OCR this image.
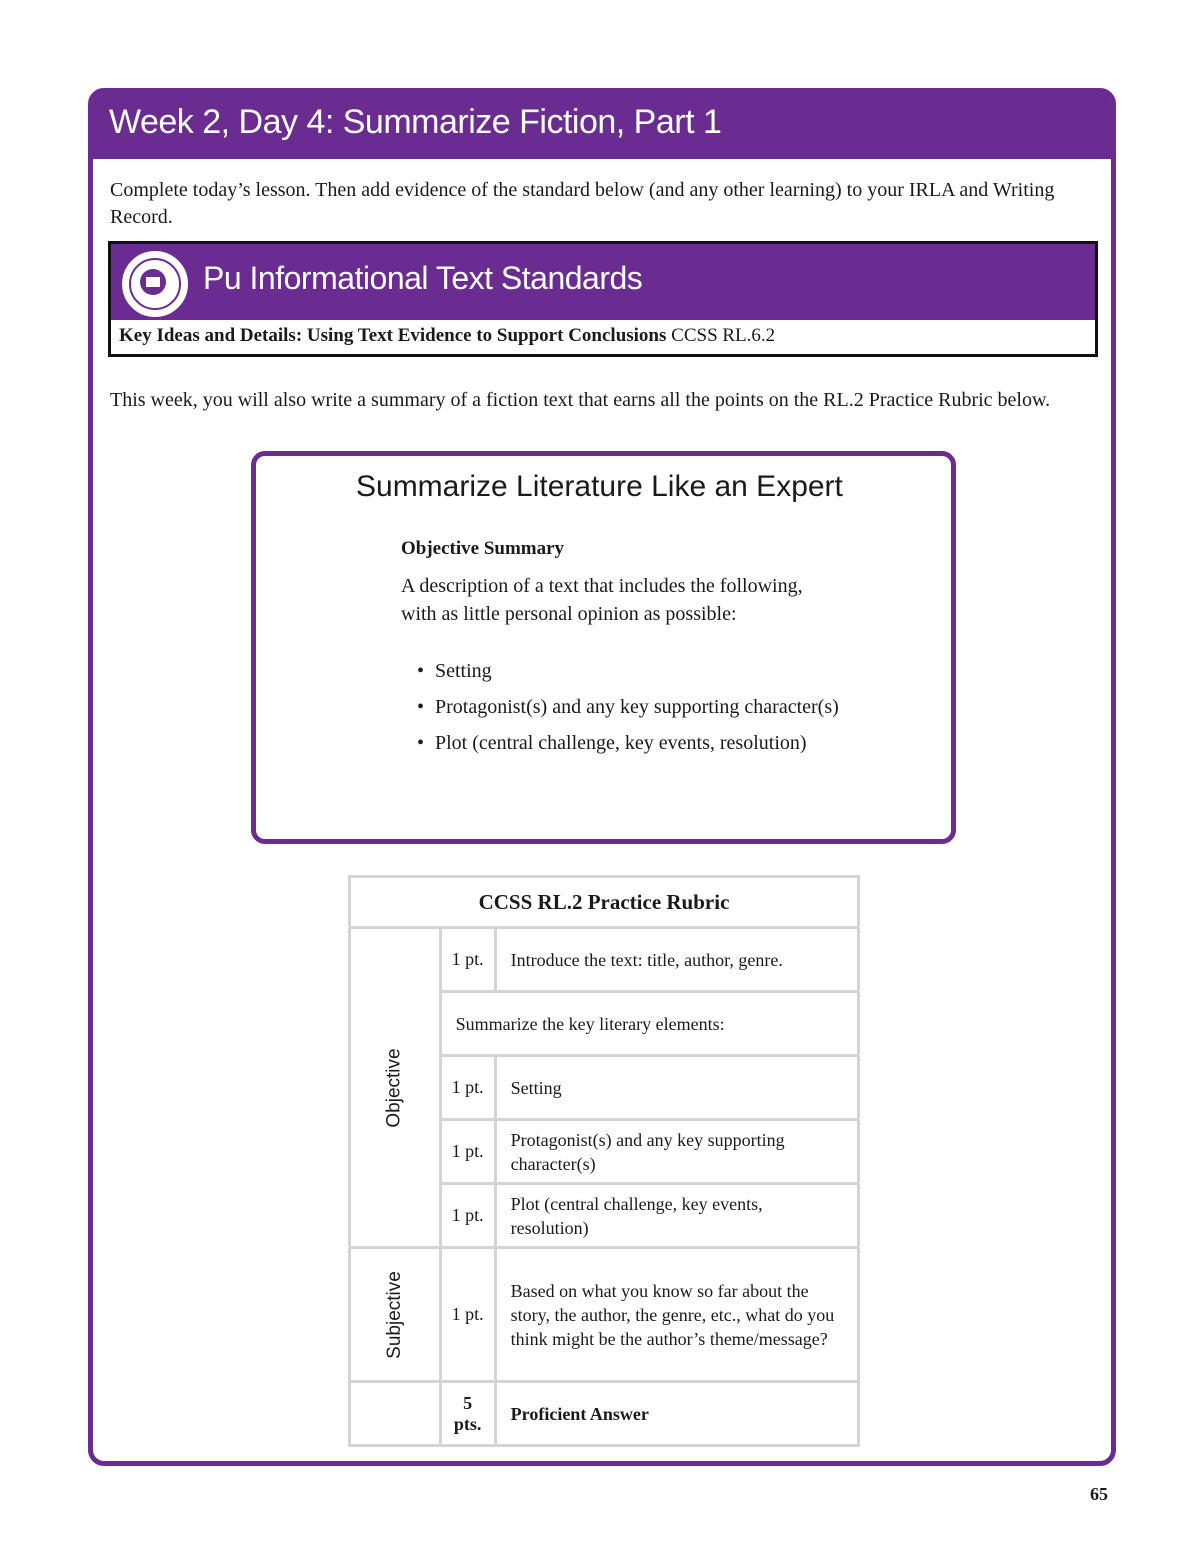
Week 2, Day 4: Summarize Fiction, Part 1
Complete today’s lesson. Then add evidence of the standard below (and any other learning) to your IRLA and Writing Record.
Pu Informational Text Standards
Key Ideas and Details: Using Text Evidence to Support Conclusions CCSS RL.6.2
This week, you will also write a summary of a fiction text that earns all the points on the RL.2 Practice Rubric below.
Summarize Literature Like an Expert
Objective Summary
A description of a text that includes the following, with as little personal opinion as possible:
• Setting
• Protagonist(s) and any key supporting character(s)
• Plot (central challenge, key events, resolution)
CCSS RL.2 Practice Rubric		
Objective	1 pt.	Introduce the text: title, author, genre.
	Summarize the key literary elements:	
	1 pt.	Setting
	1 pt.	Protagonist(s) and any key supporting character(s)
	1 pt.	Plot (central challenge, key events, resolution)
Subjective	1 pt.	Based on what you know so far about the story, the author, the genre, etc., what do you think might be the author’s theme/message?
	5 pts.	Proficient Answer
65
